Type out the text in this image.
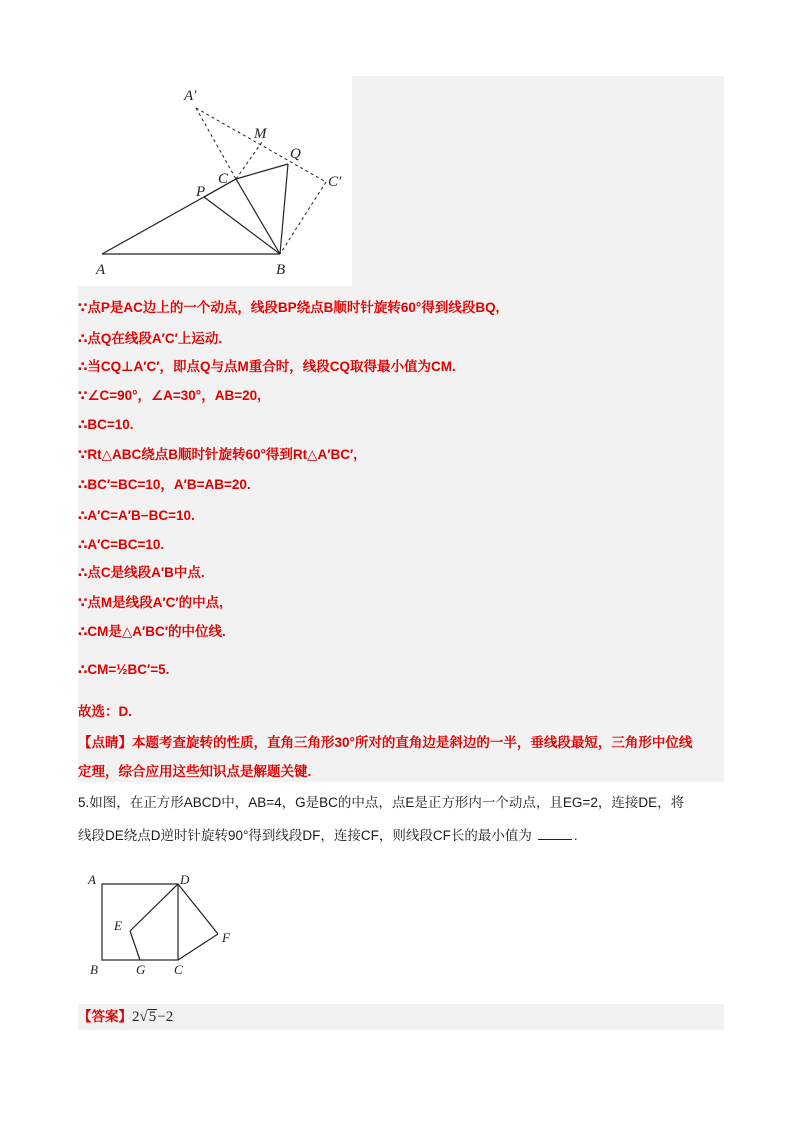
A′
M
Q
C	C′
P
A	B
∵点P是AC边上的一个动点，线段BP绕点B顺时针旋转60°得到线段BQ,
∴点Q在线段A′C′上运动.
∴当CQ⊥A′C′，即点Q与点M重合时，线段CQ取得最小值为CM.
∵∠C=90°，∠A=30°，AB=20,
∴BC=10.
∵Rt△ABC绕点B顺时针旋转60°得到Rt△A′BC′,
∴BC′=BC=10，A′B=AB=20.
∴A′C=A′B−BC=10.
∴A′C=BC=10.
∴点C是线段A′B中点.
∵点M是线段A′C′的中点,
∴CM是△A′BC′的中位线.
∴CM=½BC′=5.
故选：D.
【点睛】本题考查旋转的性质，直角三角形30°所对的直角边是斜边的一半，垂线段最短，三角形中位线
定理，综合应用这些知识点是解题关键.
5.如图，在正方形ABCD中，AB=4，G是BC的中点，点E是正方形内一个动点，且EG=2，连接DE，将
线段DE绕点D逆时针旋转90°得到线段DF，连接CF，则线段CF长的最小值为	.
A	D
E
F
B	G C
【答案】2√5−2
